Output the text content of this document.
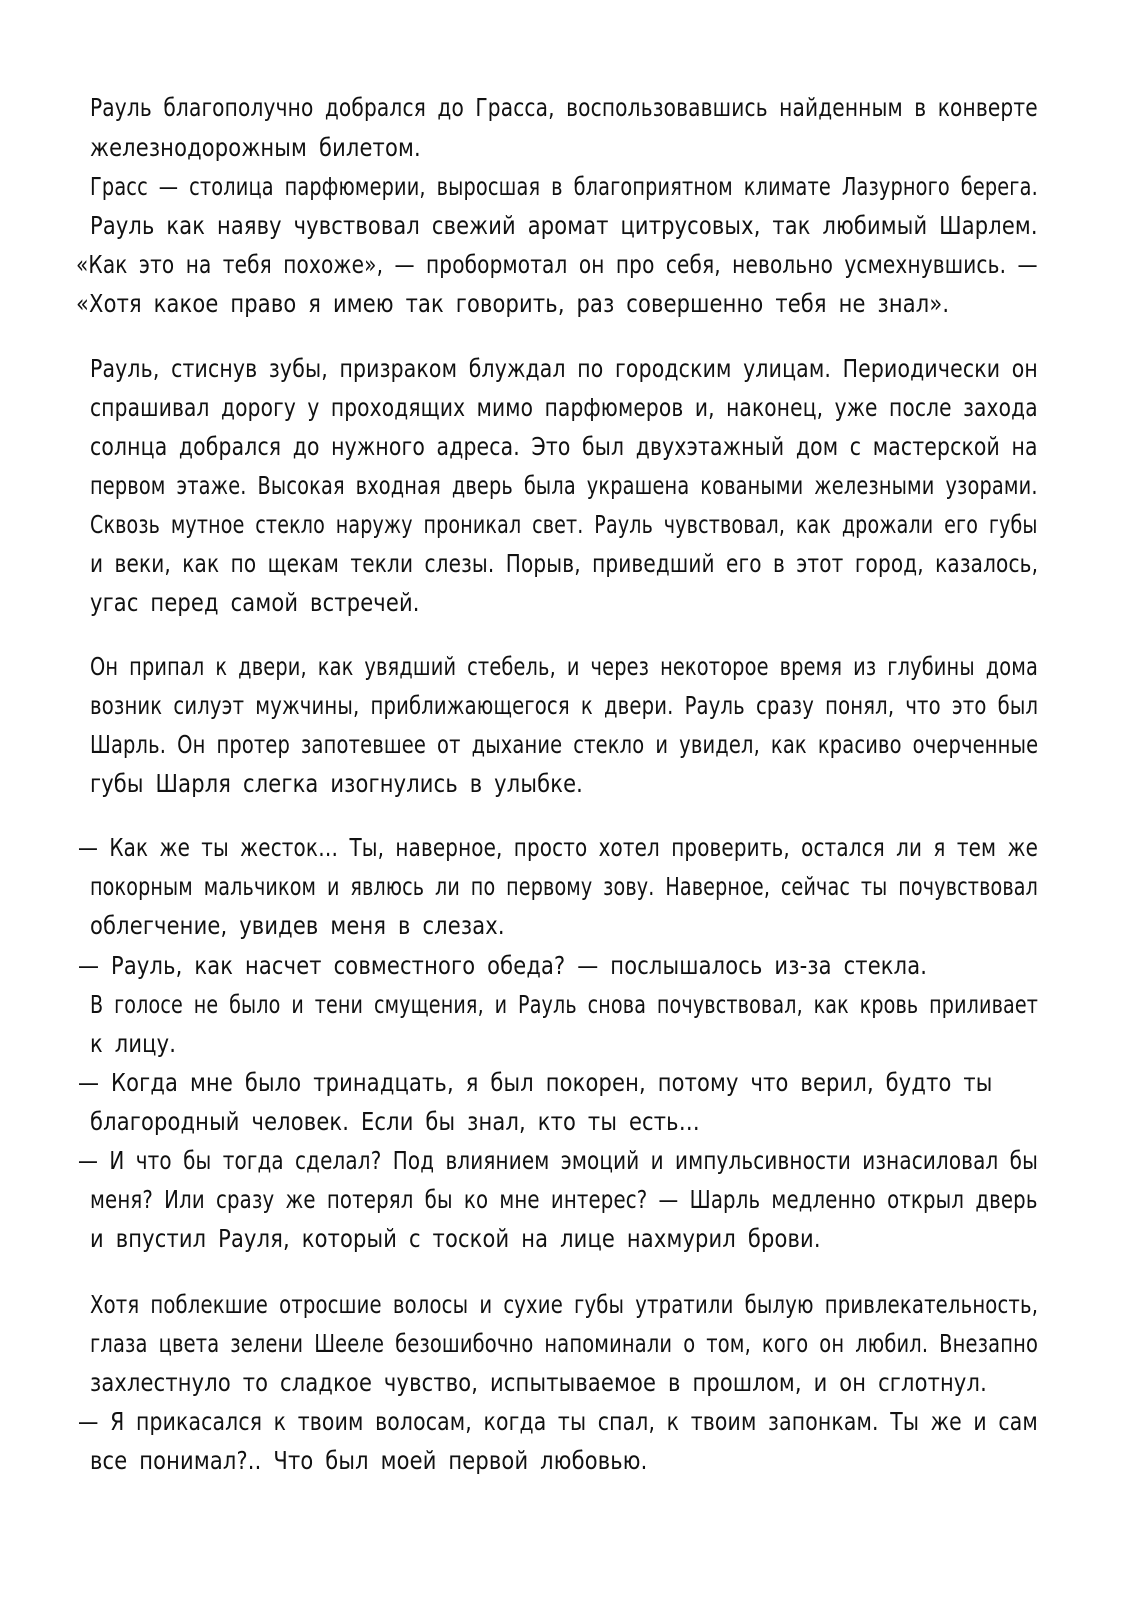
Рауль благополучно добрался до Грасса, воспользовавшись найденным в конверте

железнодорожным билетом.

Грасс — столица парфюмерии, выросшая в благоприятном климате Лазурного берега.

Рауль как наяву чувствовал свежий аромат цитрусовых, так любимый Шарлем.

«Как это на тебя похоже», — пробормотал он про себя, невольно усмехнувшись. —

«Хотя какое право я имею так говорить, раз совершенно тебя не знал».

Рауль, стиснув зубы, призраком блуждал по городским улицам. Периодически он

спрашивал дорогу у проходящих мимо парфюмеров и, наконец, уже после захода

солнца добрался до нужного адреса. Это был двухэтажный дом с мастерской на

первом этаже. Высокая входная дверь была украшена коваными железными узорами.

Сквозь мутное стекло наружу проникал свет. Рауль чувствовал, как дрожали его губы

и веки, как по щекам текли слезы. Порыв, приведший его в этот город, казалось,

угас перед самой встречей.

Он припал к двери, как увядший стебель, и через некоторое время из глубины дома

возник силуэт мужчины, приближающегося к двери. Рауль сразу понял, что это был

Шарль. Он протер запотевшее от дыхание стекло и увидел, как красиво очерченные

губы Шарля слегка изогнулись в улыбке.

— Как же ты жесток… Ты, наверное, просто хотел проверить, остался ли я тем же

покорным мальчиком и явлюсь ли по первому зову. Наверное, сейчас ты почувствовал

облегчение, увидев меня в слезах.

— Рауль, как насчет совместного обеда? — послышалось из-за стекла.

В голосе не было и тени смущения, и Рауль снова почувствовал, как кровь приливает

к лицу.

— Когда мне было тринадцать, я был покорен, потому что верил, будто ты

благородный человек. Если бы знал, кто ты есть…

— И что бы тогда сделал? Под влиянием эмоций и импульсивности изнасиловал бы

меня? Или сразу же потерял бы ко мне интерес? — Шарль медленно открыл дверь

и впустил Рауля, который с тоской на лице нахмурил брови.

Хотя поблекшие отросшие волосы и сухие губы утратили былую привлекательность,

глаза цвета зелени Шееле безошибочно напоминали о том, кого он любил. Внезапно

захлестнуло то сладкое чувство, испытываемое в прошлом, и он сглотнул.

— Я прикасался к твоим волосам, когда ты спал, к твоим запонкам. Ты же и сам

все понимал?.. Что был моей первой любовью.
